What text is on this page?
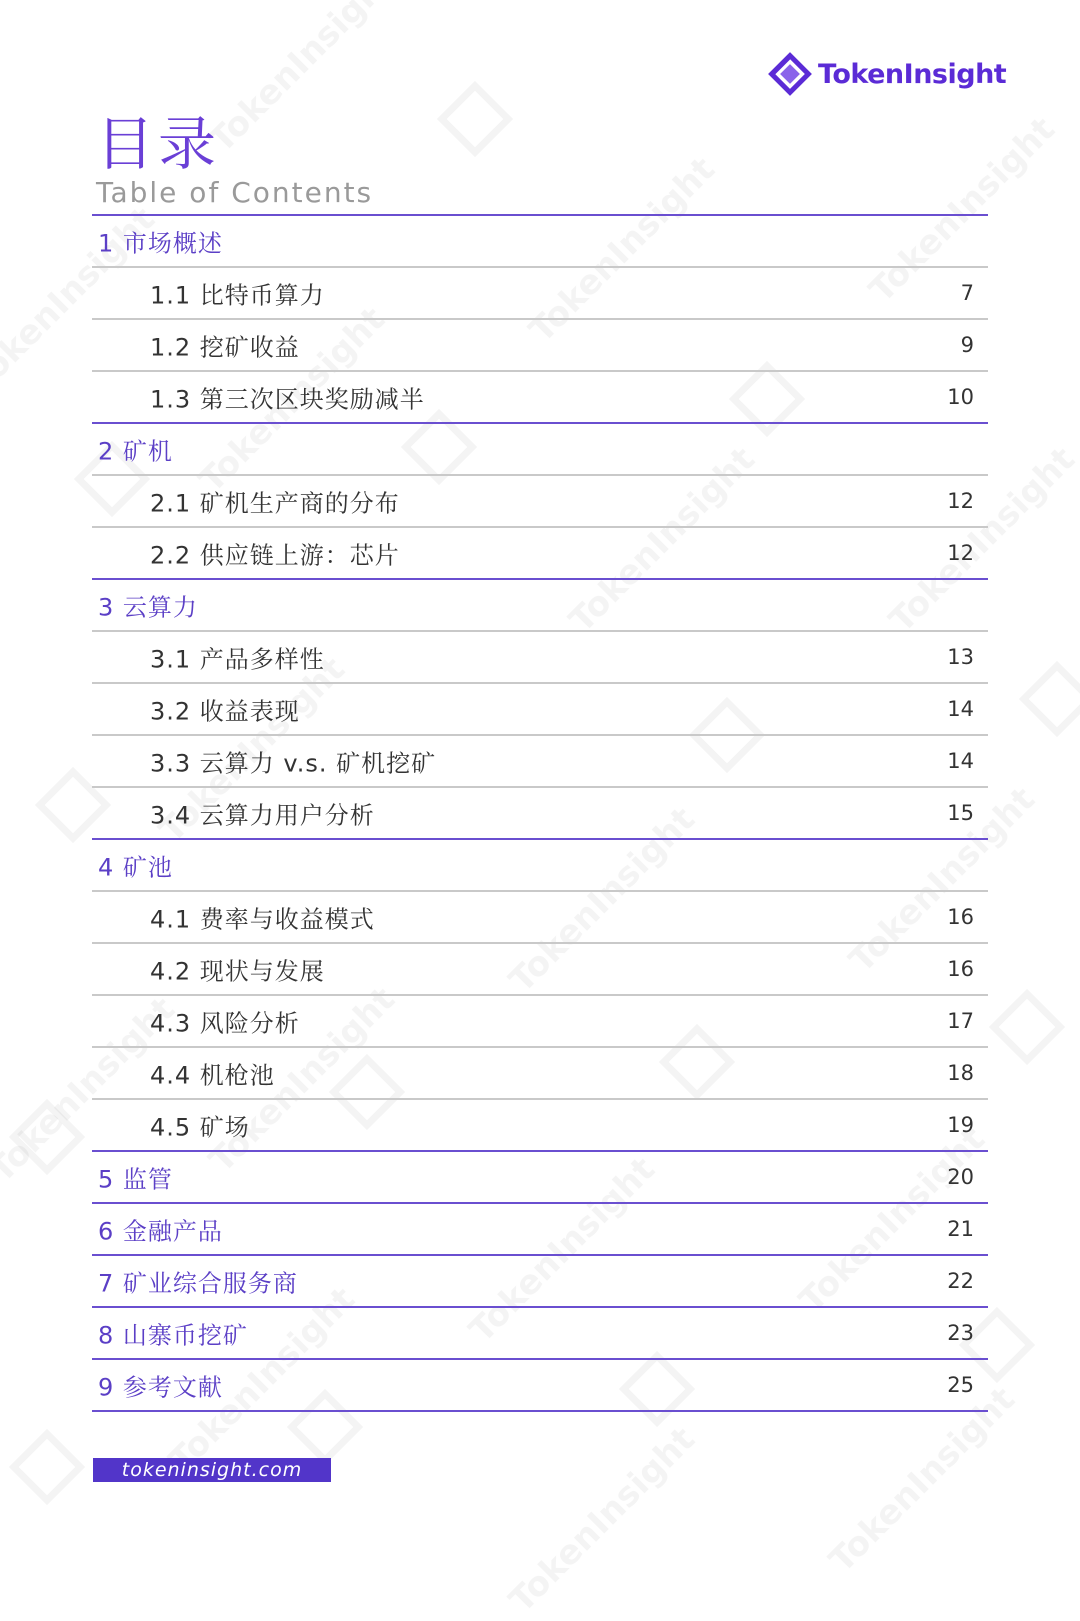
TokenInsight
目录
Table of Contents
1 市场概述
1.1 比特币算力	7
1.2 挖矿收益	9
1.3 第三次区块奖励减半	10
2 矿机
2.1 矿机生产商的分布	12
2.2 供应链上游：芯片	12
3 云算力
3.1 产品多样性	13
3.2 收益表现	14
3.3 云算力 v.s. 矿机挖矿	14
3.4 云算力用户分析	15
4 矿池
4.1 费率与收益模式	16
4.2 现状与发展	16
4.3 风险分析	17
4.4 机枪池	18
4.5 矿场	19
5 监管	20
6 金融产品	21
7 矿业综合服务商	22
8 山寨币挖矿	23
9 参考文献	25
tokeninsight.com
